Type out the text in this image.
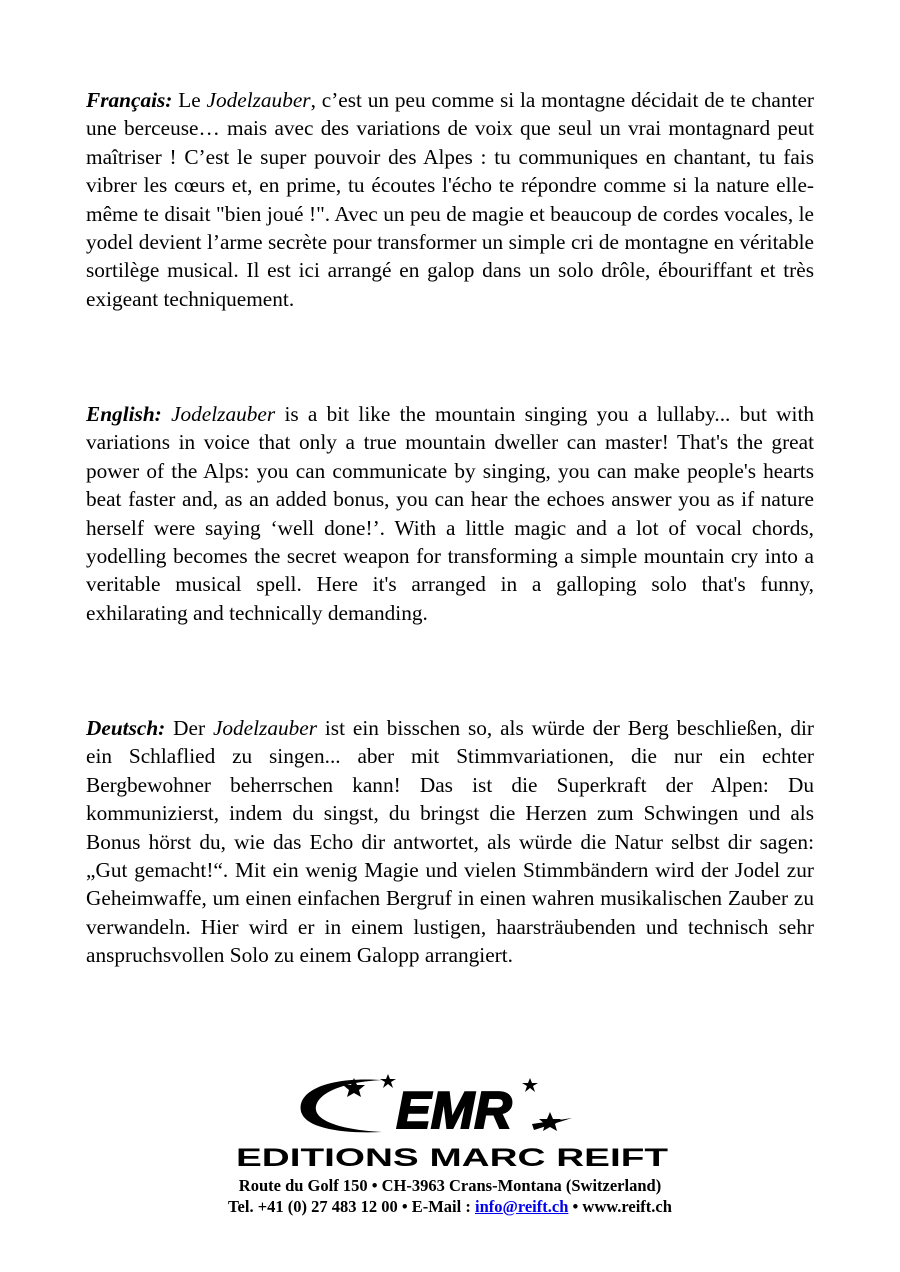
Français: Le Jodelzauber, c’est un peu comme si la montagne décidait de te chanter une berceuse… mais avec des variations de voix que seul un vrai montagnard peut maîtriser ! C’est le super pouvoir des Alpes : tu communiques en chantant, tu fais vibrer les cœurs et, en prime, tu écoutes l'écho te répondre comme si la nature elle-même te disait "bien joué !". Avec un peu de magie et beaucoup de cordes vocales, le yodel devient l’arme secrète pour transformer un simple cri de montagne en véritable sortilège musical. Il est ici arrangé en galop dans un solo drôle, ébouriffant et très exigeant techniquement.

English: Jodelzauber is a bit like the mountain singing you a lullaby... but with variations in voice that only a true mountain dweller can master! That's the great power of the Alps: you can communicate by singing, you can make people's hearts beat faster and, as an added bonus, you can hear the echoes answer you as if nature herself were saying ‘well done!’. With a little magic and a lot of vocal chords, yodelling becomes the secret weapon for transforming a simple mountain cry into a veritable musical spell. Here it's arranged in a galloping solo that's funny, exhilarating and technically demanding.

Deutsch: Der Jodelzauber ist ein bisschen so, als würde der Berg beschließen, dir ein Schlaflied zu singen... aber mit Stimmvariationen, die nur ein echter Bergbewohner beherrschen kann! Das ist die Superkraft der Alpen: Du kommunizierst, indem du singst, du bringst die Herzen zum Schwingen und als Bonus hörst du, wie das Echo dir antwortet, als würde die Natur selbst dir sagen: „Gut gemacht!“. Mit ein wenig Magie und vielen Stimmbändern wird der Jodel zur Geheimwaffe, um einen einfachen Bergruf in einen wahren musikalischen Zauber zu verwandeln. Hier wird er in einem lustigen, haarsträubenden und technisch sehr anspruchsvollen Solo zu einem Galopp arrangiert.

EMR
EDITIONS MARC REIFT
Route du Golf 150 • CH-3963 Crans-Montana (Switzerland)
Tel. +41 (0) 27 483 12 00 • E-Mail : info@reift.ch • www.reift.ch
